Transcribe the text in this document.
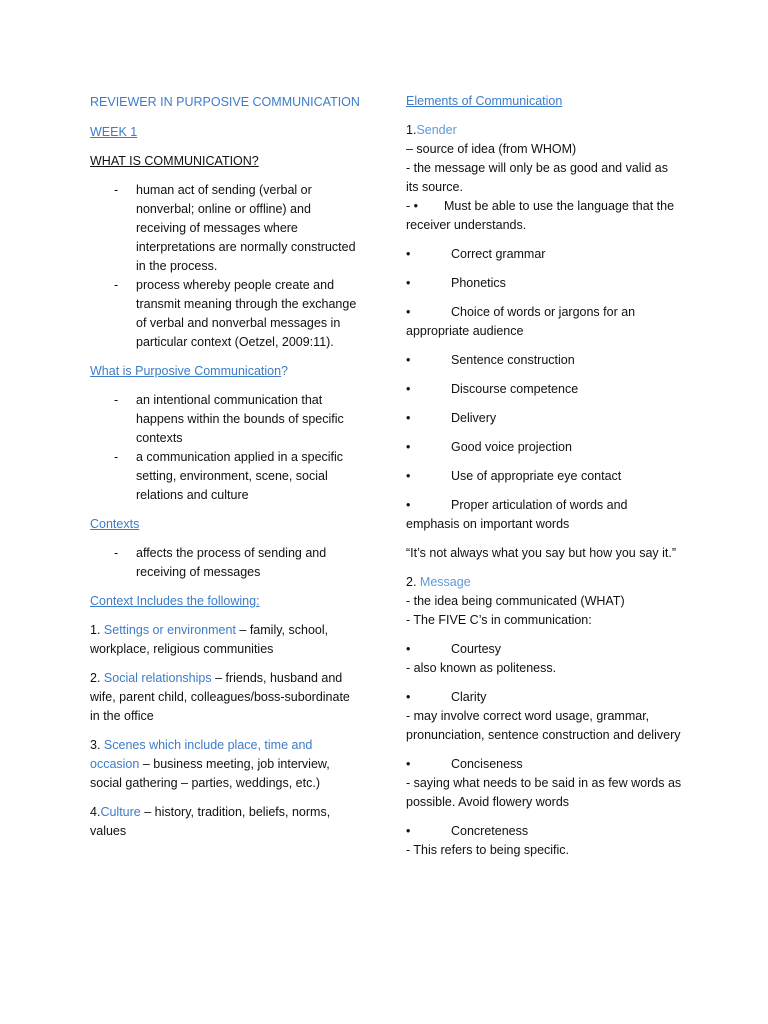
REVIEWER IN PURPOSIVE COMMUNICATION

WEEK 1

WHAT IS COMMUNICATION?

- human act of sending (verbal or nonverbal; online or offline) and receiving of messages where interpretations are normally constructed in the process.
- process whereby people create and transmit meaning through the exchange of verbal and nonverbal messages in particular context (Oetzel, 2009:11).

What is Purposive Communication?

- an intentional communication that happens within the bounds of specific contexts
- a communication applied in a specific setting, environment, scene, social relations and culture

Contexts

- affects the process of sending and receiving of messages

Context Includes the following:

1. Settings or environment – family, school, workplace, religious communities

2. Social relationships – friends, husband and wife, parent child, colleagues/boss-subordinate in the office

3. Scenes which include place, time and occasion – business meeting, job interview, social gathering – parties, weddings, etc.)

4.Culture – history, tradition, beliefs, norms, values

Elements of Communication

1.Sender

– source of idea (from WHOM)

- the message will only be as good and valid as its source.

- • Must be able to use the language that the receiver understands.

•	Correct grammar
•	Phonetics
•	Choice of words or jargons for an appropriate audience
•	Sentence construction
•	Discourse competence
•	Delivery
•	Good voice projection
•	Use of appropriate eye contact
•	Proper articulation of words and emphasis on important words

“It’s not always what you say but how you say it.”

2. Message

- the idea being communicated (WHAT)

- The FIVE C’s in communication:

•	Courtesy

- also known as politeness.

•	Clarity

- may involve correct word usage, grammar, pronunciation, sentence construction and delivery

•	Conciseness

- saying what needs to be said in as few words as possible. Avoid flowery words

•	Concreteness

- This refers to being specific.
